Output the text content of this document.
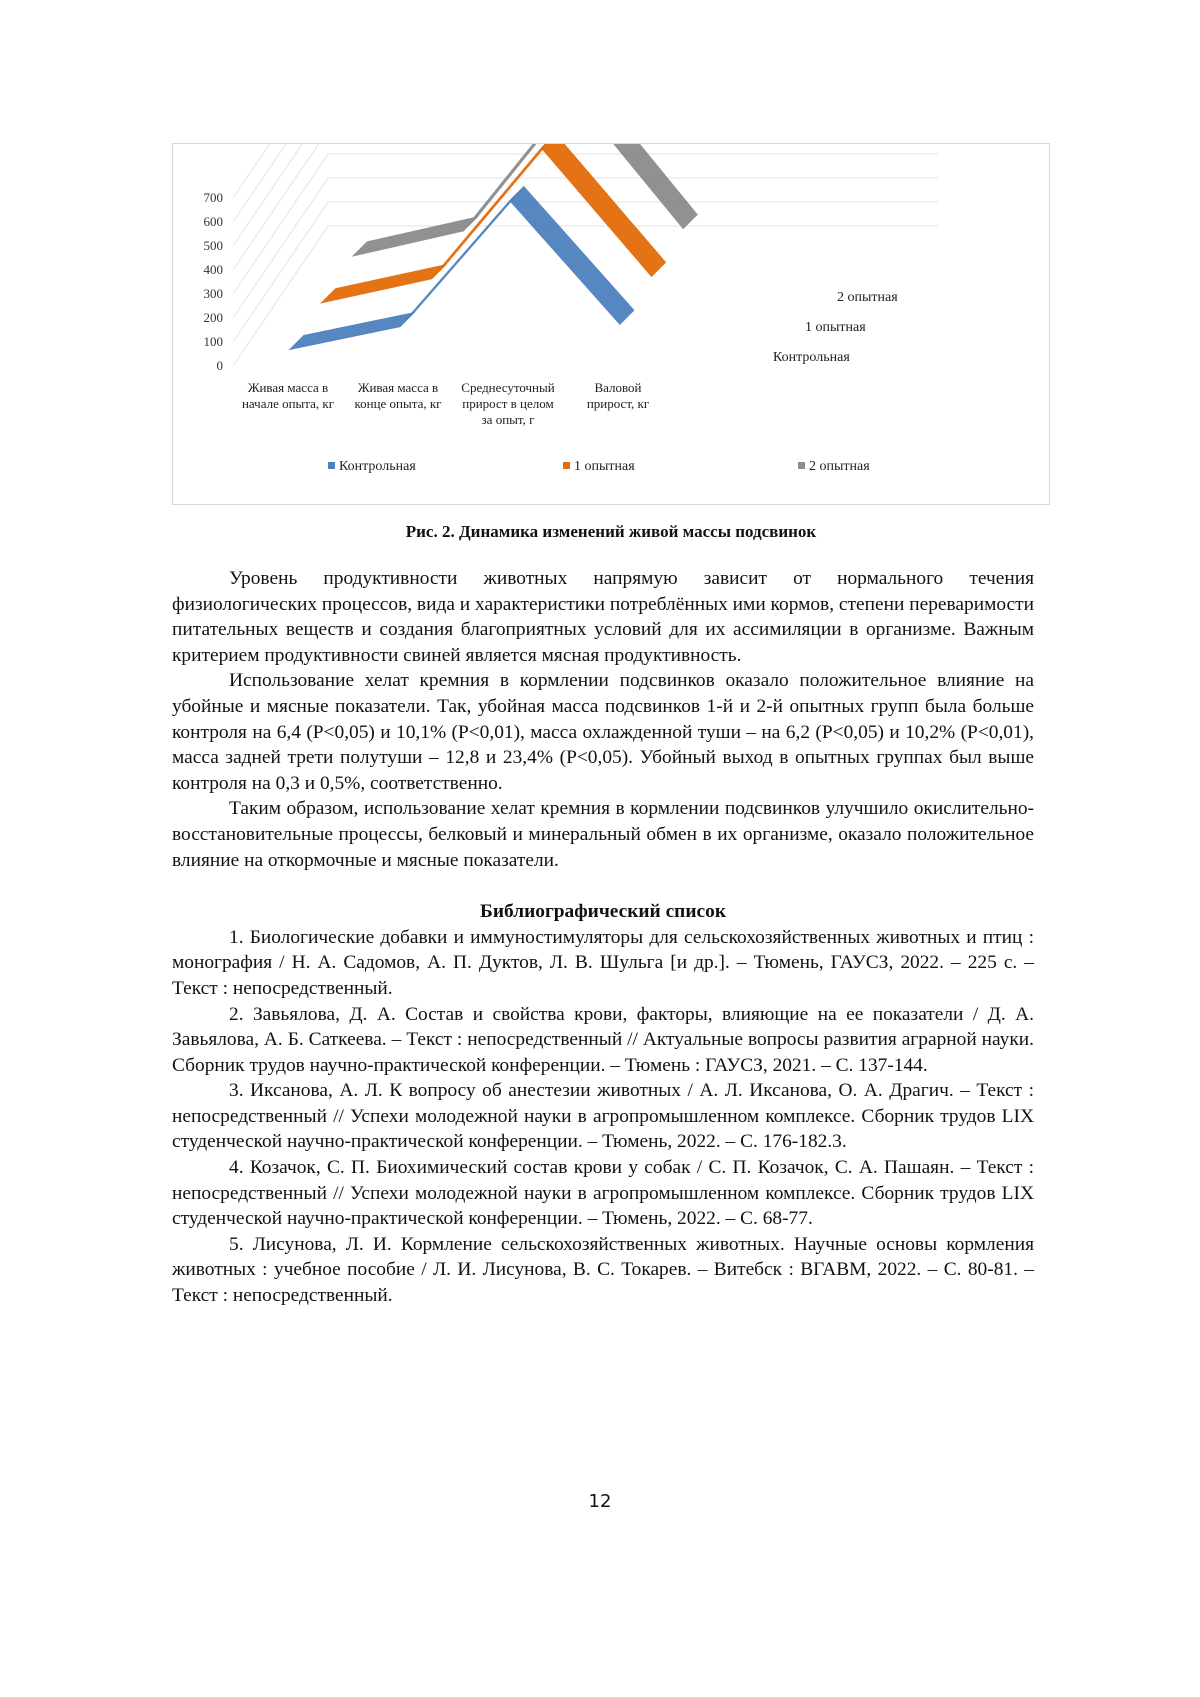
0
100
200
300
400
500
600
700
Контрольная
1 опытная
2 опытная
Живая масса в
начале опыта, кг
Живая масса в
конце опыта, кг
Среднесуточный
прирост в целом
за опыт, г
Валовой
прирост, кг
Контрольная	1 опытная	2 опытная
Рис. 2. Динамика изменений живой массы подсвинок

Уровень продуктивности животных напрямую зависит от нормального течения физиологических процессов, вида и характеристики потреблённых ими кормов, степени переваримости питательных веществ и создания благоприятных условий для их ассимиляции в организме. Важным критерием продуктивности свиней является мясная продуктивность.

Использование хелат кремния в кормлении подсвинков оказало положительное влияние на убойные и мясные показатели. Так, убойная масса подсвинков 1-й и 2-й опытных групп была больше контроля на 6,4 (Р<0,05) и 10,1% (Р<0,01), масса охлажденной туши – на 6,2 (Р<0,05) и 10,2% (Р<0,01), масса задней трети полутуши – 12,8 и 23,4% (Р<0,05). Убойный выход в опытных группах был выше контроля на 0,3 и 0,5%, соответственно.

Таким образом, использование хелат кремния в кормлении подсвинков улучшило окислительно-восстановительные процессы, белковый и минеральный обмен в их организме, оказало положительное влияние на откормочные и мясные показатели.

Библиографический список

1. Биологические добавки и иммуностимуляторы для сельскохозяйственных животных и птиц : монография / Н. А. Садомов, А. П. Дуктов, Л. В. Шульга [и др.]. – Тюмень, ГАУСЗ, 2022. – 225 с. – Текст : непосредственный.

2. Завьялова, Д. А. Состав и свойства крови, факторы, влияющие на ее показатели / Д. А. Завьялова, А. Б. Саткеева. – Текст : непосредственный // Актуальные вопросы развития аграрной науки. Сборник трудов научно-практической конференции. – Тюмень : ГАУСЗ, 2021. – С. 137-144.

3. Иксанова, А. Л. К вопросу об анестезии животных / А. Л. Иксанова, О. А. Драгич. – Текст : непосредственный // Успехи молодежной науки в агропромышленном комплексе. Сборник трудов LIX студенческой научно-практической конференции. – Тюмень, 2022. – С. 176-182.3.

4. Козачок, С. П. Биохимический состав крови у собак / С. П. Козачок, С. А. Пашаян. – Текст : непосредственный // Успехи молодежной науки в агропромышленном комплексе. Сборник трудов LIX студенческой научно-практической конференции. – Тюмень, 2022. – С. 68-77.

5. Лисунова, Л. И. Кормление сельскохозяйственных животных. Научные основы кормления животных : учебное пособие / Л. И. Лисунова, В. С. Токарев. – Витебск : ВГАВМ, 2022. – С. 80-81. – Текст : непосредственный.

12
